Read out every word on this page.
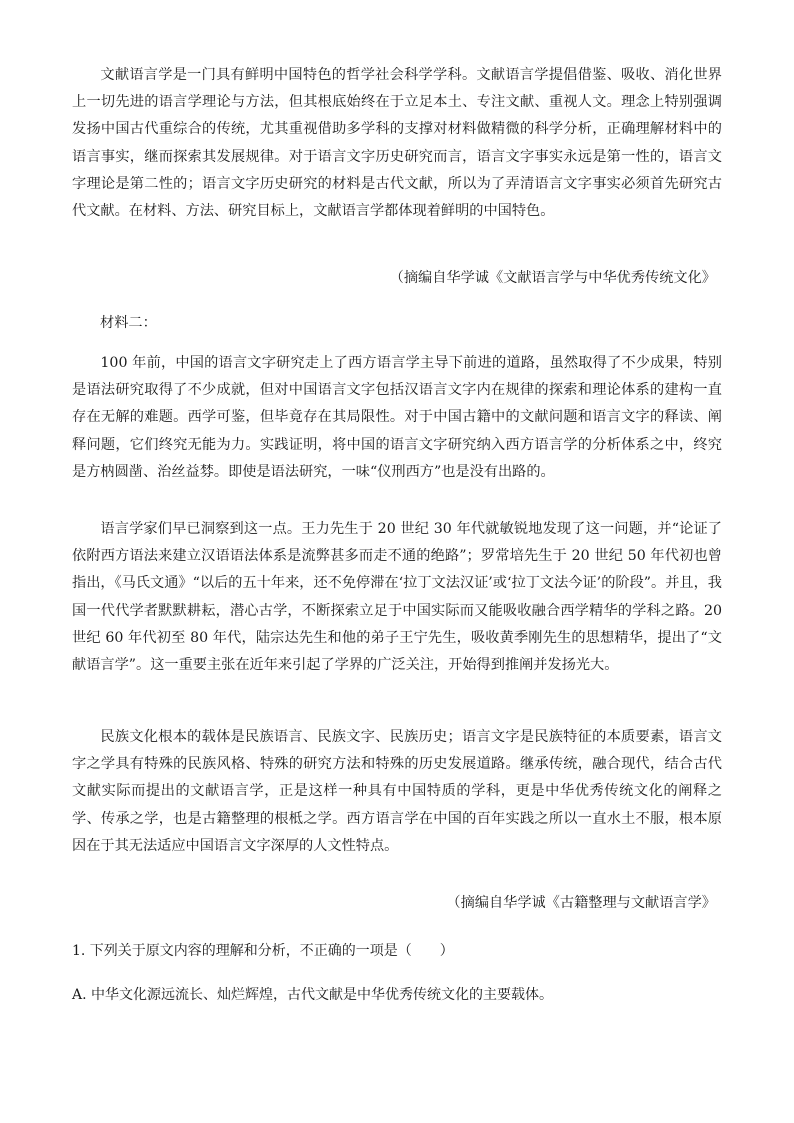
文献语言学是一门具有鲜明中国特色的哲学社会科学学科。文献语言学提倡借鉴、吸收、消化世界上一切先进的语言学理论与方法，但其根底始终在于立足本土、专注文献、重视人文。理念上特别强调发扬中国古代重综合的传统，尤其重视借助多学科的支撑对材料做精微的科学分析，正确理解材料中的语言事实，继而探索其发展规律。对于语言文字历史研究而言，语言文字事实永远是第一性的，语言文字理论是第二性的；语言文字历史研究的材料是古代文献，所以为了弄清语言文字事实必须首先研究古代文献。在材料、方法、研究目标上，文献语言学都体现着鲜明的中国特色。

（摘编自华学诚《文献语言学与中华优秀传统文化》

材料二：

100 年前，中国的语言文字研究走上了西方语言学主导下前进的道路，虽然取得了不少成果，特别是语法研究取得了不少成就，但对中国语言文字包括汉语言文字内在规律的探索和理论体系的建构一直存在无解的难题。西学可鉴，但毕竟存在其局限性。对于中国古籍中的文献问题和语言文字的释读、阐释问题，它们终究无能为力。实践证明，将中国的语言文字研究纳入西方语言学的分析体系之中，终究是方枘圆凿、治丝益棼。即使是语法研究，一味“仪刑西方”也是没有出路的。

语言学家们早已洞察到这一点。王力先生于 20 世纪 30 年代就敏锐地发现了这一问题，并“论证了依附西方语法来建立汉语语法体系是流弊甚多而走不通的绝路”；罗常培先生于 20 世纪 50 年代初也曾指出，《马氏文通》“以后的五十年来，还不免停滞在‘拉丁文法汉证’或‘拉丁文法今证’的阶段”。并且，我国一代代学者默默耕耘，潜心古学，不断探索立足于中国实际而又能吸收融合西学精华的学科之路。20 世纪 60 年代初至 80 年代，陆宗达先生和他的弟子王宁先生，吸收黄季刚先生的思想精华，提出了“文献语言学”。这一重要主张在近年来引起了学界的广泛关注，开始得到推阐并发扬光大。

民族文化根本的载体是民族语言、民族文字、民族历史；语言文字是民族特征的本质要素，语言文字之学具有特殊的民族风格、特殊的研究方法和特殊的历史发展道路。继承传统，融合现代，结合古代文献实际而提出的文献语言学，正是这样一种具有中国特质的学科，更是中华优秀传统文化的阐释之学、传承之学，也是古籍整理的根柢之学。西方语言学在中国的百年实践之所以一直水土不服，根本原因在于其无法适应中国语言文字深厚的人文性特点。

（摘编自华学诚《古籍整理与文献语言学》

1. 下列关于原文内容的理解和分析，不正确的一项是（　　）

A. 中华文化源远流长、灿烂辉煌，古代文献是中华优秀传统文化的主要载体。
